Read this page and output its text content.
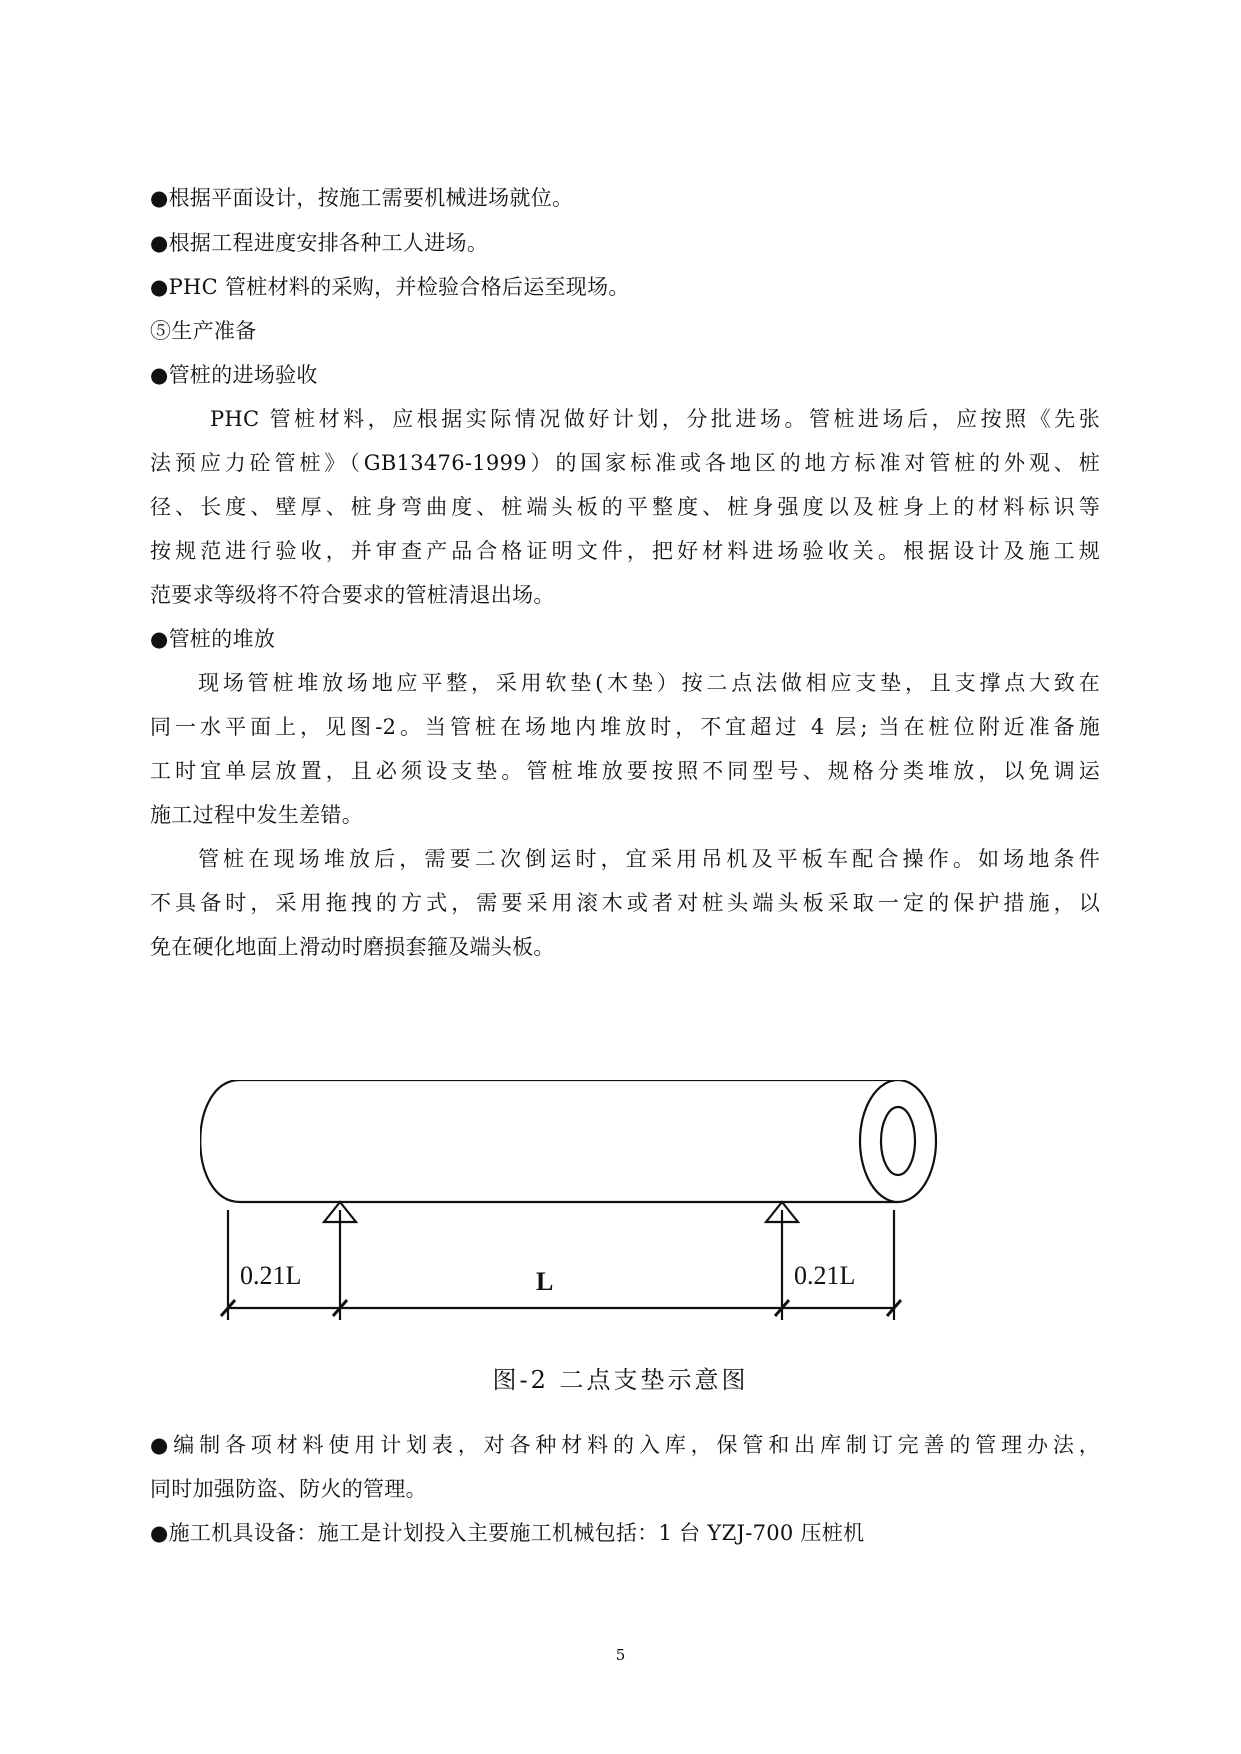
●根据平面设计，按施工需要机械进场就位。
●根据工程进度安排各种工人进场。
●PHC 管桩材料的采购，并检验合格后运至现场。
⑤生产准备
●管桩的进场验收
PHC 管桩材料，应根据实际情况做好计划，分批进场。管桩进场后，应按照《先张
法预应力砼管桩》（GB13476-1999）的国家标准或各地区的地方标准对管桩的外观、桩
径、长度、壁厚、桩身弯曲度、桩端头板的平整度、桩身强度以及桩身上的材料标识等
按规范进行验收，并审查产品合格证明文件，把好材料进场验收关。根据设计及施工规
范要求等级将不符合要求的管桩清退出场。
●管桩的堆放
现场管桩堆放场地应平整，采用软垫(木垫）按二点法做相应支垫，且支撑点大致在
同一水平面上，见图-2。当管桩在场地内堆放时，不宜超过 4 层; 当在桩位附近准备施
工时宜单层放置，且必须设支垫。管桩堆放要按照不同型号、规格分类堆放，以免调运
施工过程中发生差错。
管桩在现场堆放后，需要二次倒运时，宜采用吊机及平板车配合操作。如场地条件
不具备时，采用拖拽的方式，需要采用滚木或者对桩头端头板采取一定的保护措施，以
免在硬化地面上滑动时磨损套箍及端头板。
0.21L	L	0.21L
图-2 二点支垫示意图
●编制各项材料使用计划表，对各种材料的入库，保管和出库制订完善的管理办法，
同时加强防盗、防火的管理。
●施工机具设备：施工是计划投入主要施工机械包括：1 台 YZJ-700 压桩机
5
